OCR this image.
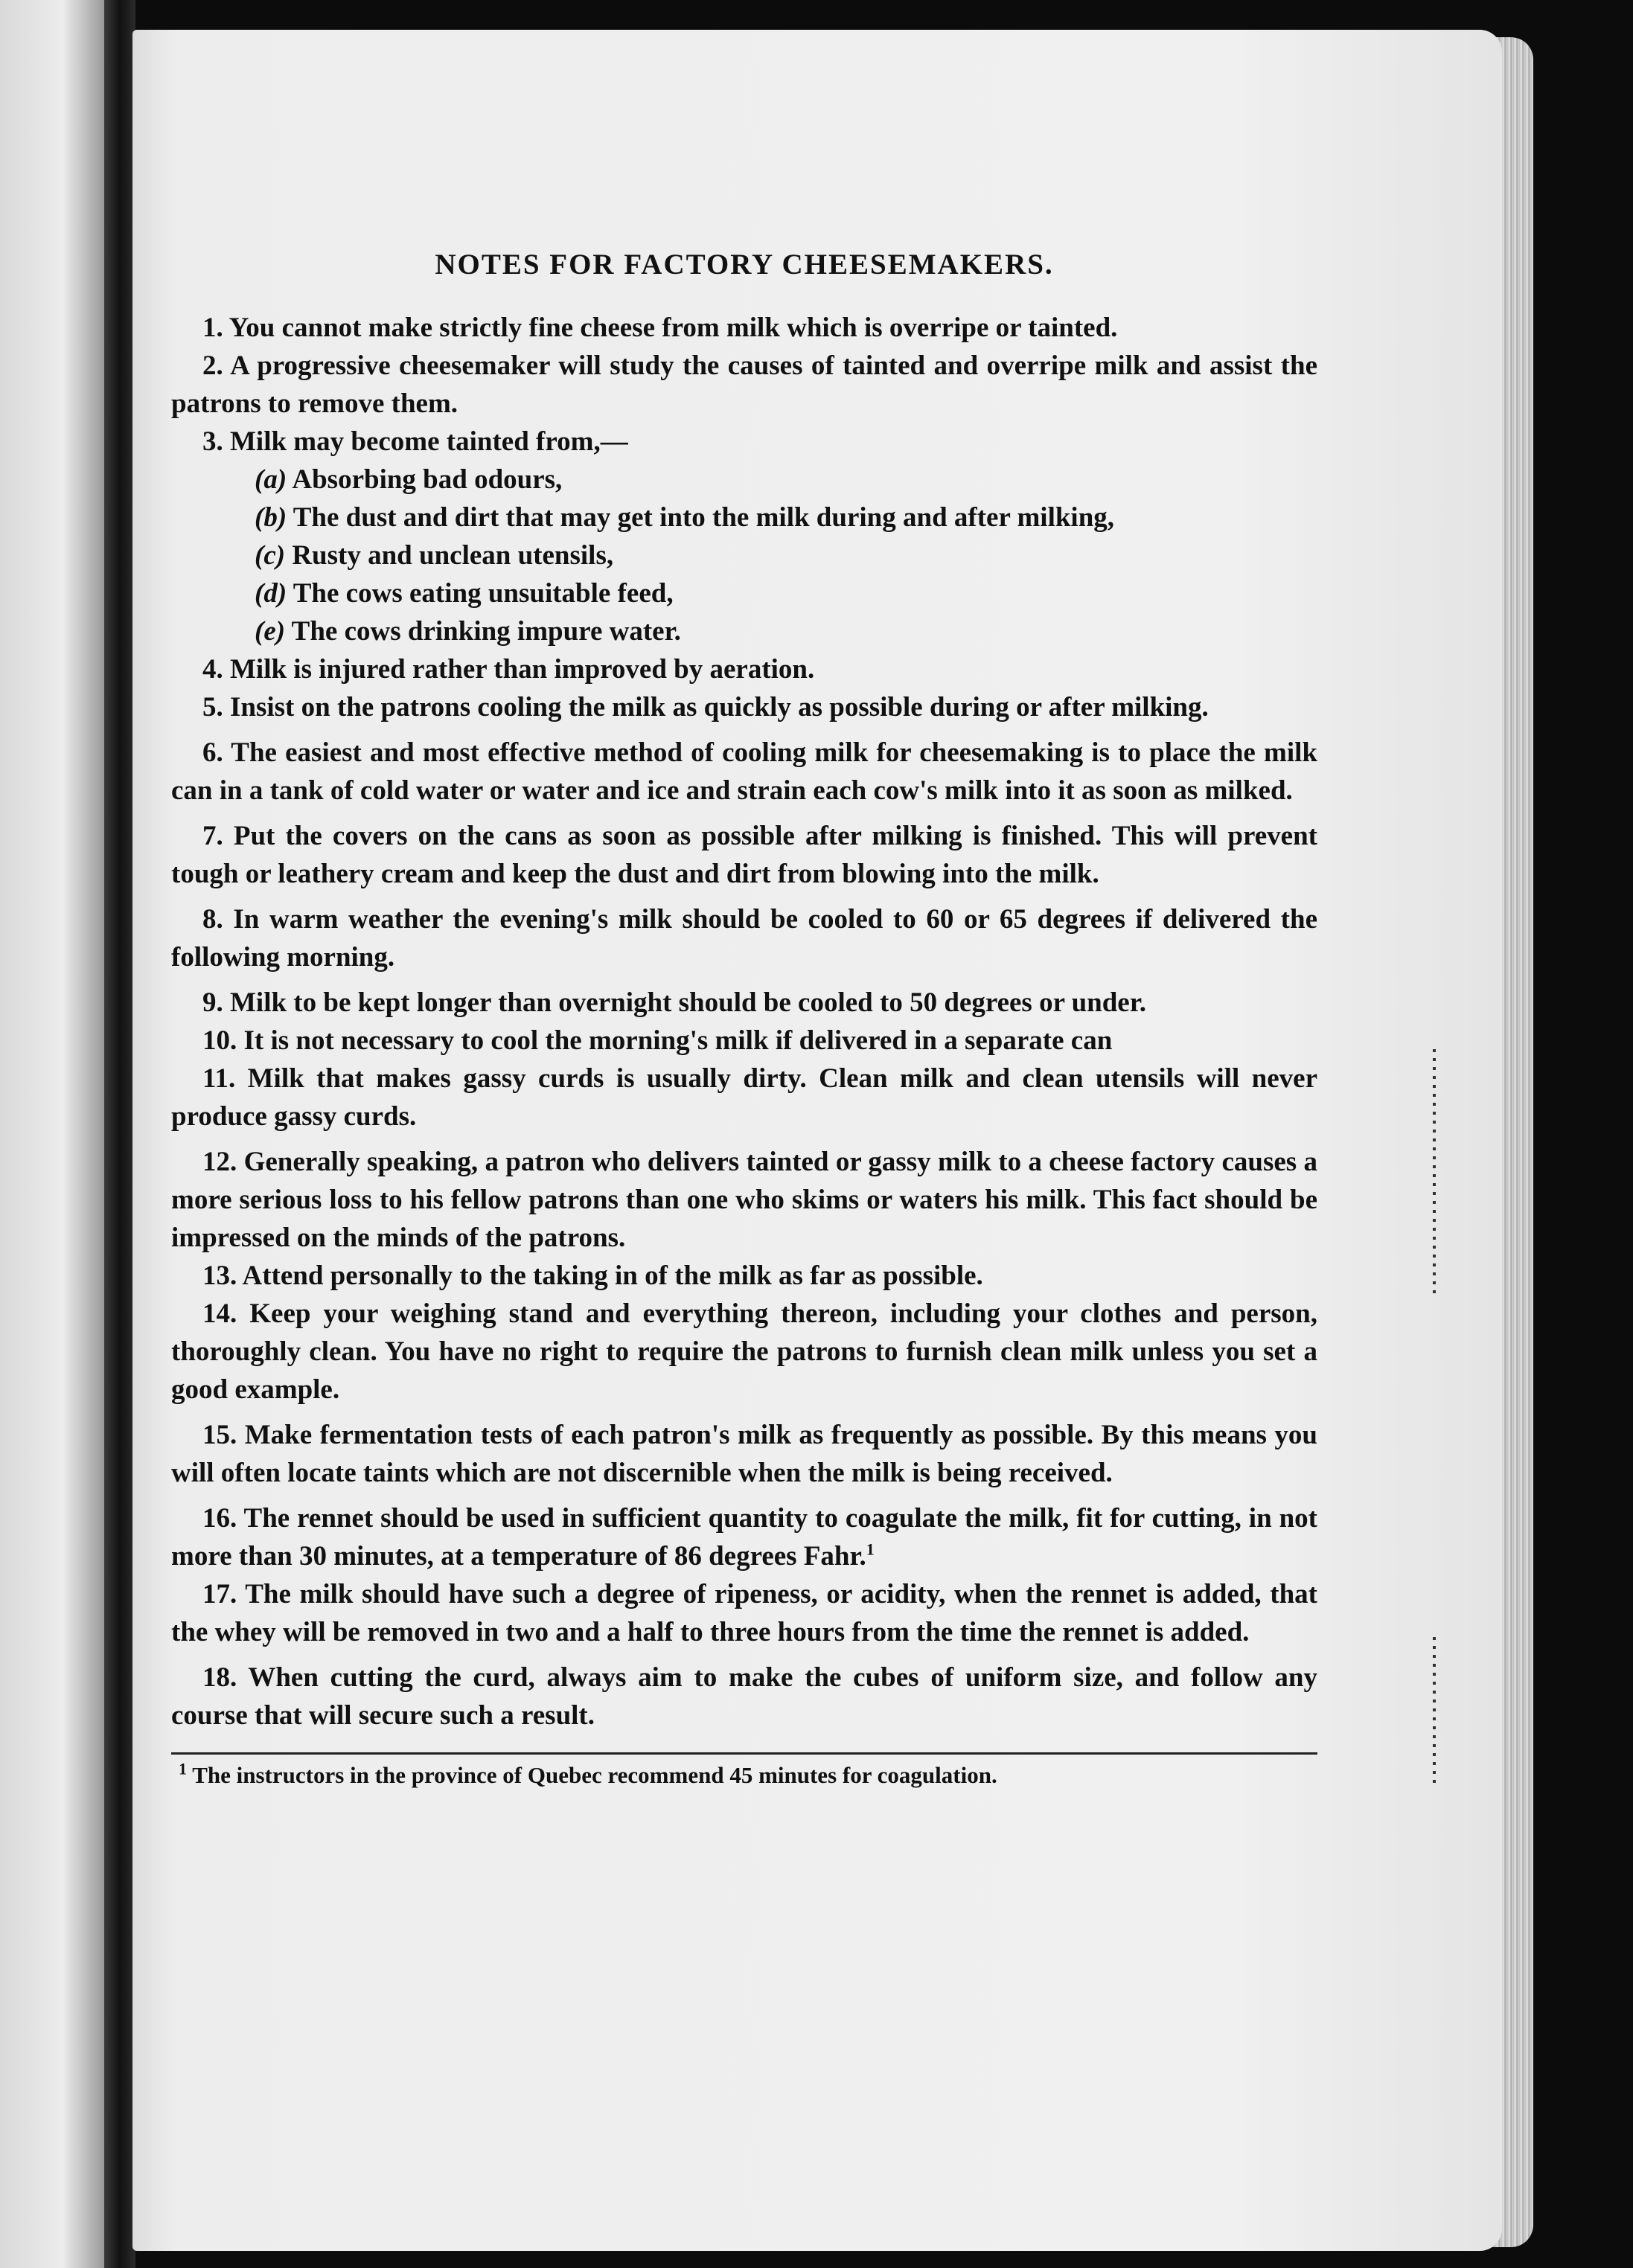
NOTES FOR FACTORY CHEESEMAKERS.

1. You cannot make strictly fine cheese from milk which is overripe or tainted.

2. A progressive cheesemaker will study the causes of tainted and overripe milk and assist the patrons to remove them.

3. Milk may become tainted from,—

(a) Absorbing bad odours,

(b) The dust and dirt that may get into the milk during and after milking,

(c) Rusty and unclean utensils,

(d) The cows eating unsuitable feed,

(e) The cows drinking impure water.

4. Milk is injured rather than improved by aeration.

5. Insist on the patrons cooling the milk as quickly as possible during or after milking.

6. The easiest and most effective method of cooling milk for cheesemaking is to place the milk can in a tank of cold water or water and ice and strain each cow's milk into it as soon as milked.

7. Put the covers on the cans as soon as possible after milking is finished. This will prevent tough or leathery cream and keep the dust and dirt from blowing into the milk.

8. In warm weather the evening's milk should be cooled to 60 or 65 degrees if delivered the following morning.

9. Milk to be kept longer than overnight should be cooled to 50 degrees or under.

10. It is not necessary to cool the morning's milk if delivered in a separate can

11. Milk that makes gassy curds is usually dirty. Clean milk and clean utensils will never produce gassy curds.

12. Generally speaking, a patron who delivers tainted or gassy milk to a cheese factory causes a more serious loss to his fellow patrons than one who skims or waters his milk. This fact should be impressed on the minds of the patrons.

13. Attend personally to the taking in of the milk as far as possible.

14. Keep your weighing stand and everything thereon, including your clothes and person, thoroughly clean. You have no right to require the patrons to furnish clean milk unless you set a good example.

15. Make fermentation tests of each patron's milk as frequently as possible. By this means you will often locate taints which are not discernible when the milk is being received.

16. The rennet should be used in sufficient quantity to coagulate the milk, fit for cutting, in not more than 30 minutes, at a temperature of 86 degrees Fahr.$^1$

17. The milk should have such a degree of ripeness, or acidity, when the rennet is added, that the whey will be removed in two and a half to three hours from the time the rennet is added.

18. When cutting the curd, always aim to make the cubes of uniform size, and follow any course that will secure such a result.

$^1$ The instructors in the province of Quebec recommend 45 minutes for coagulation.
